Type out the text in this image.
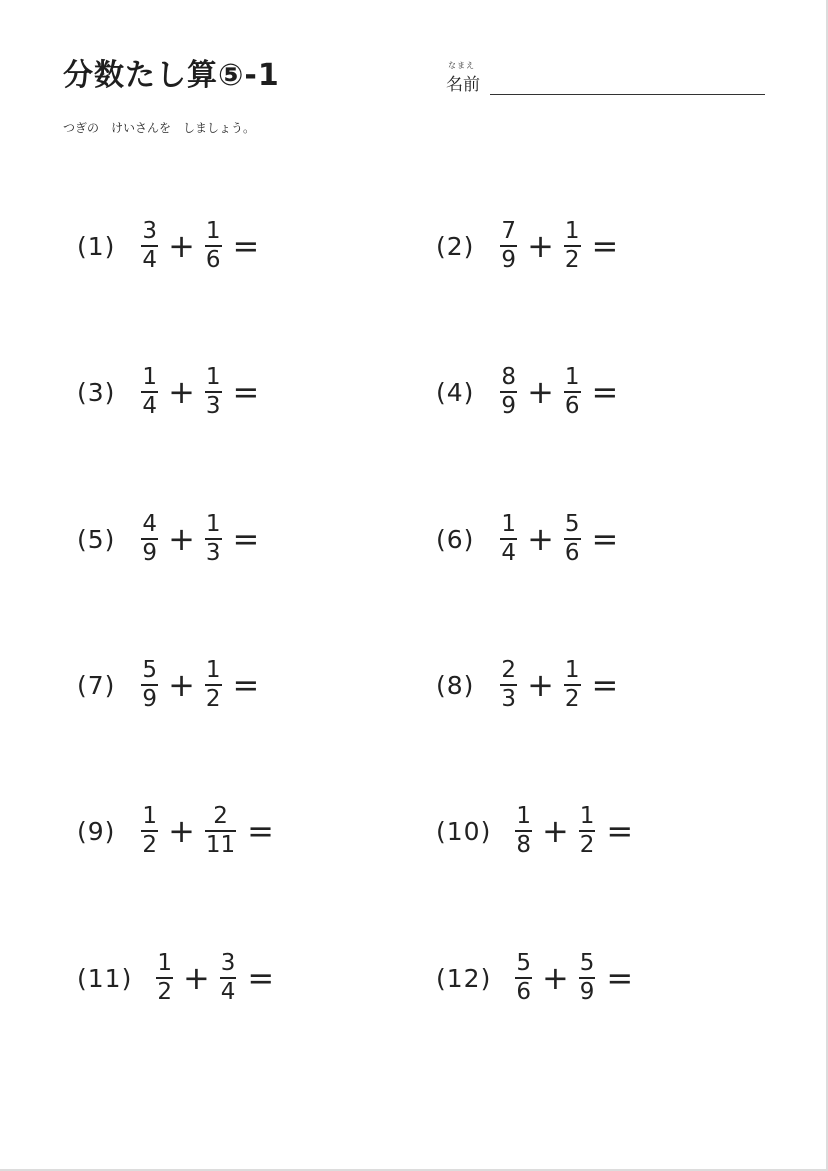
分数たし算⑤-1	なまえ
名前
つぎの　けいさんを　しましょう。
$(1) \frac{3}{4} + \frac{1}{6}$ =
$(3) \frac{1}{4} + \frac{1}{3}$ =
$(5) \frac{4}{9} + \frac{1}{3}$ =
$(7) \frac{5}{9} + \frac{1}{2}$ =
$(9) \frac{1}{2} + \frac{2}{11}$ =
$(11) \frac{1}{2} + \frac{3}{4}$ =
$(2) \frac{7}{9} + \frac{1}{2}$ =
$(4) \frac{8}{9} + \frac{1}{6}$ =
$(6) \frac{1}{4} + \frac{5}{6}$ =
$(8) \frac{2}{3} + \frac{1}{2}$ =
$(10) \frac{1}{8} + \frac{1}{2}$ =
$(12) \frac{5}{6} + \frac{5}{9}$ =
